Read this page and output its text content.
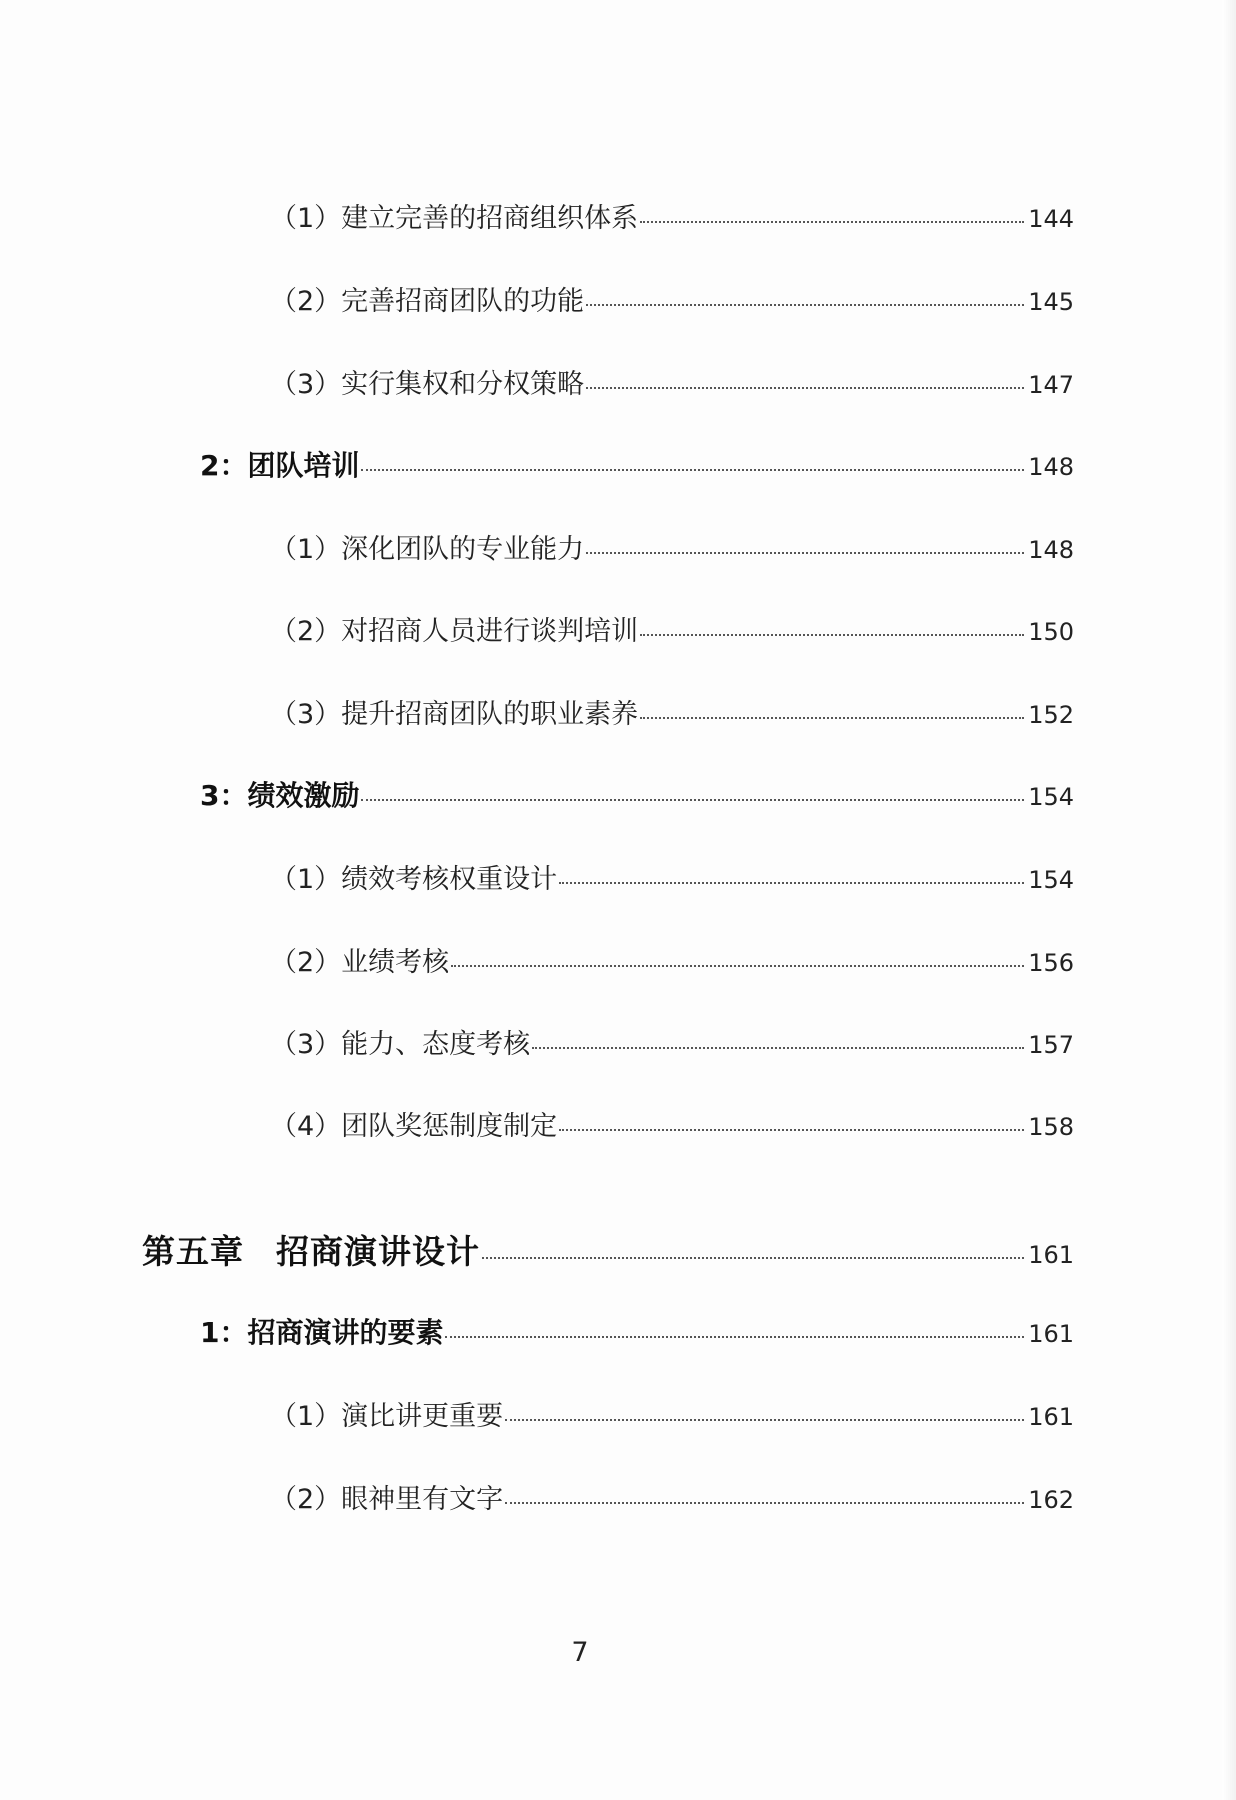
（1）建立完善的招商组织体系	144
（2）完善招商团队的功能	145
（3）实行集权和分权策略	147
2：团队培训	148
（1）深化团队的专业能力	148
（2）对招商人员进行谈判培训	150
（3）提升招商团队的职业素养	152
3：绩效激励	154
（1）绩效考核权重设计	154
（2）业绩考核	156
（3）能力、态度考核	157
（4）团队奖惩制度制定	158
第五章 招商演讲设计	161
1：招商演讲的要素	161
（1）演比讲更重要	161
（2）眼神里有文字	162
7
